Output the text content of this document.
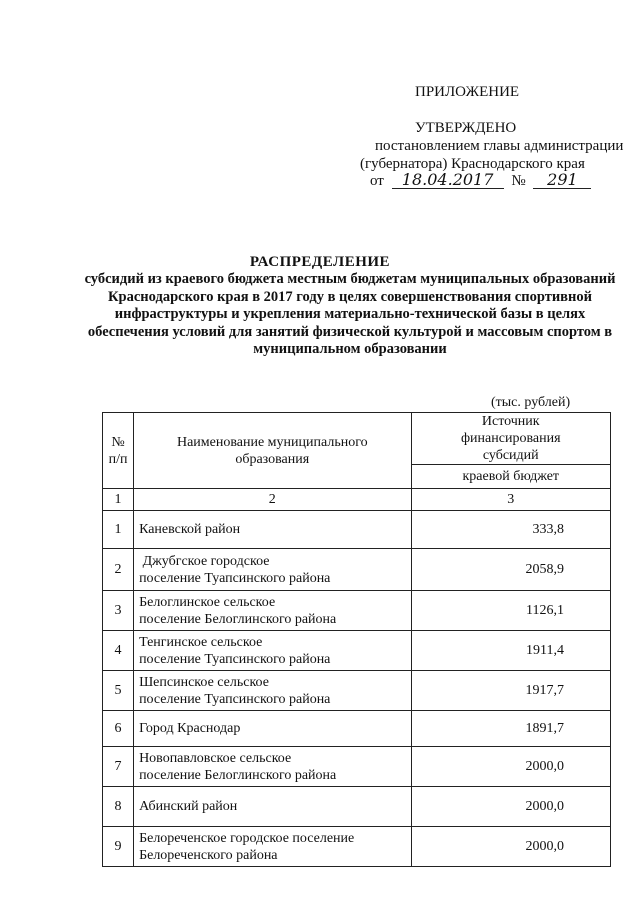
ПРИЛОЖЕНИЕ
УТВЕРЖДЕНО
постановлением главы администрации
(губернатора) Краснодарского края
от 18.04.2017 № 291
РАСПРЕДЕЛЕНИЕ
субсидий из краевого бюджета местным бюджетам муниципальных образований Краснодарского края в 2017 году в целях совершенствования спортивной инфраструктуры и укрепления материально-технической базы в целях обеспечения условий для занятий физической культурой и массовым спортом в муниципальном образовании
(тыс. рублей)
№ п/п	Наименование муниципального образования	Источник финансирования субсидий

		краевой бюджет
1	2	3
1	Каневской район	333,8
2	Джубгское городское
поселение Туапсинского района	2058,9
3	Белоглинское сельское
поселение Белоглинского района	1126,1
4	Тенгинское сельское
поселение Туапсинского района	1911,4
5	Шепсинское сельское
поселение Туапсинского района	1917,7
6	Город Краснодар	1891,7
7	Новопавловское сельское
поселение Белоглинского района	2000,0
8	Абинский район	2000,0
9	Белореченское городское поселение
Белореченского района	2000,0
